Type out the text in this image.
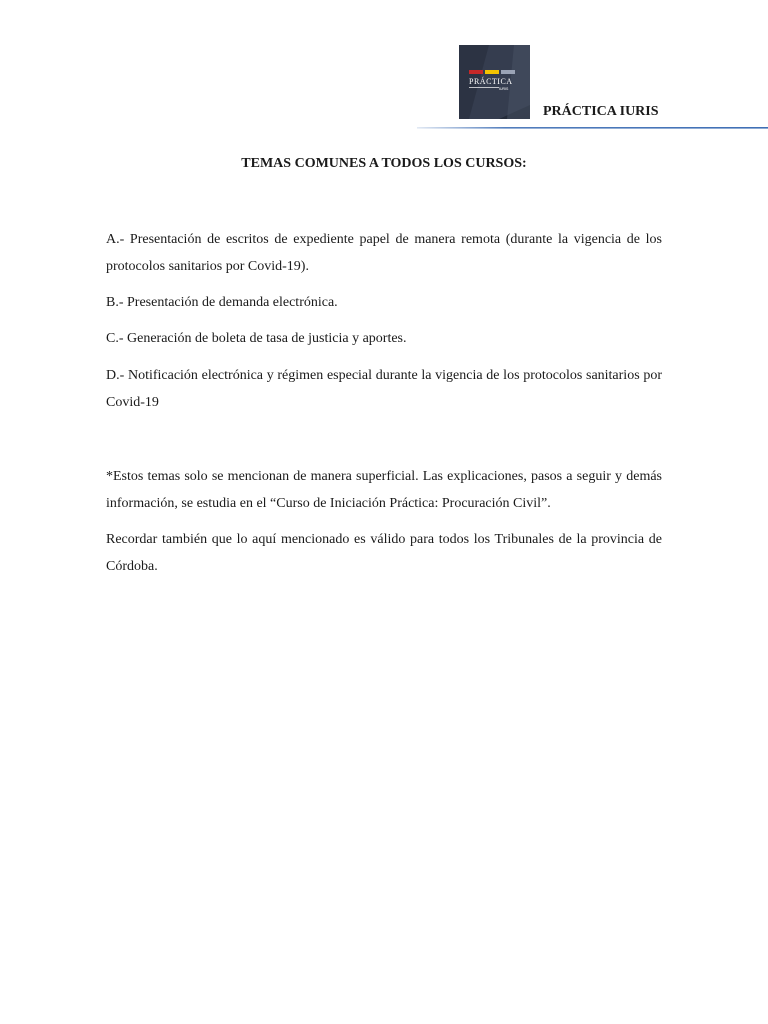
PRÁCTICA
IURIS
PRÁCTICA IURIS
TEMAS COMUNES A TODOS LOS CURSOS:

A.- Presentación de escritos de expediente papel de manera remota (durante la vigencia de los protocolos sanitarios por Covid-19).

B.- Presentación de demanda electrónica.

C.- Generación de boleta de tasa de justicia y aportes.

D.- Notificación electrónica y régimen especial durante la vigencia de los protocolos sanitarios por Covid-19

*Estos temas solo se mencionan de manera superficial. Las explicaciones, pasos a seguir y demás información, se estudia en el “Curso de Iniciación Práctica: Procuración Civil”.

Recordar también que lo aquí mencionado es válido para todos los Tribunales de la provincia de Córdoba.
